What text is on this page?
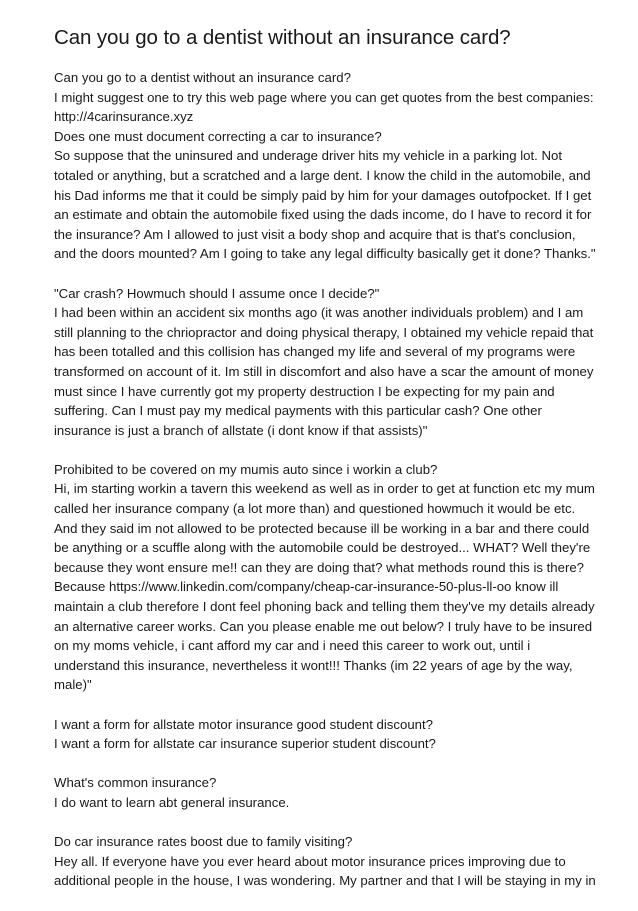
Can you go to a dentist without an insurance card?
Can you go to a dentist without an insurance card?
I might suggest one to try this web page where you can get quotes from the best companies:
http://4carinsurance.xyz
Does one must document correcting a car to insurance?
So suppose that the uninsured and underage driver hits my vehicle in a parking lot. Not
totaled or anything, but a scratched and a large dent. I know the child in the automobile, and
his Dad informs me that it could be simply paid by him for your damages outofpocket. If I get
an estimate and obtain the automobile fixed using the dads income, do I have to record it for
the insurance? Am I allowed to just visit a body shop and acquire that is that's conclusion,
and the doors mounted? Am I going to take any legal difficulty basically get it done? Thanks."
"Car crash? Howmuch should I assume once I decide?"
I had been within an accident six months ago (it was another individuals problem) and I am
still planning to the chriopractor and doing physical therapy, I obtained my vehicle repaid that
has been totalled and this collision has changed my life and several of my programs were
transformed on account of it. Im still in discomfort and also have a scar the amount of money
must since I have currently got my property destruction I be expecting for my pain and
suffering. Can I must pay my medical payments with this particular cash? One other
insurance is just a branch of allstate (i dont know if that assists)"
Prohibited to be covered on my mumis auto since i workin a club?
Hi, im starting workin a tavern this weekend as well as in order to get at function etc my mum
called her insurance company (a lot more than) and questioned howmuch it would be etc.
And they said im not allowed to be protected because ill be working in a bar and there could
be anything or a scuffle along with the automobile could be destroyed... WHAT? Well they're
because they wont ensure me!! can they are doing that? what methods round this is there?
Because https://www.linkedin.com/company/cheap-car-insurance-50-plus-ll-oo know ill
maintain a club therefore I dont feel phoning back and telling them they've my details already
an alternative career works. Can you please enable me out below? I truly have to be insured
on my moms vehicle, i cant afford my car and i need this career to work out, until i
understand this insurance, nevertheless it wont!!! Thanks (im 22 years of age by the way,
male)"
I want a form for allstate motor insurance good student discount?
I want a form for allstate car insurance superior student discount?
What's common insurance?
I do want to learn abt general insurance.
Do car insurance rates boost due to family visiting?
Hey all. If everyone have you ever heard about motor insurance prices improving due to
additional people in the house, I was wondering. My partner and that I will be staying in my in
